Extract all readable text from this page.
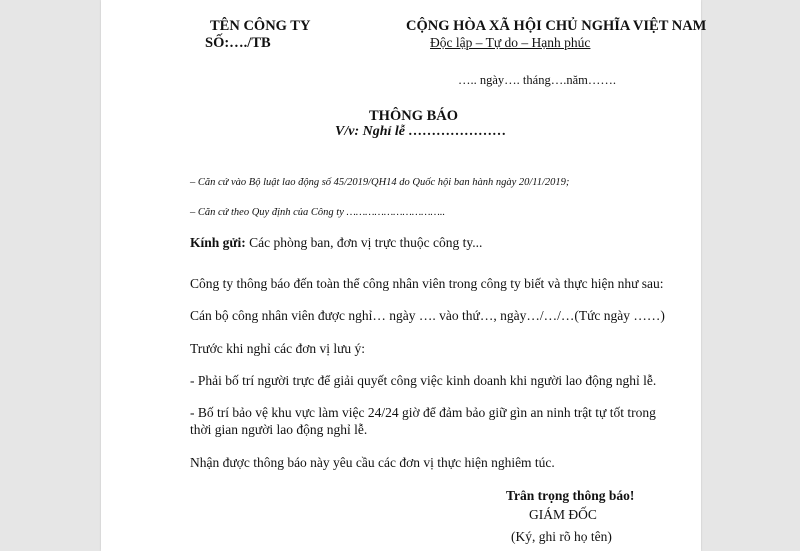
TÊN CÔNG TY
SỐ:…./TB
CỘNG HÒA XÃ HỘI CHỦ NGHĨA VIỆT NAM
Độc lập – Tự do – Hạnh phúc
….. ngày…. tháng….năm…….
THÔNG BÁO
V/v: Nghỉ lễ …………………
– Căn cứ vào Bộ luật lao động số 45/2019/QH14 do Quốc hội ban hành ngày 20/11/2019;
– Căn cứ theo Quy định của Công ty …………………………..
Kính gửi: Các phòng ban, đơn vị trực thuộc công ty...
Công ty thông báo đến toàn thể công nhân viên trong công ty biết và thực hiện như sau:
Cán bộ công nhân viên được nghỉ… ngày …. vào thứ…, ngày…/…/…(Tức ngày ……)
Trước khi nghỉ các đơn vị lưu ý:
- Phải bố trí người trực để giải quyết công việc kinh doanh khi người lao động nghỉ lễ.
- Bố trí bảo vệ khu vực làm việc 24/24 giờ để đảm bảo giữ gìn an ninh trật tự tốt trong
thời gian người lao động nghỉ lễ.
Nhận được thông báo này yêu cầu các đơn vị thực hiện nghiêm túc.
Trân trọng thông báo!
GIÁM ĐỐC
(Ký, ghi rõ họ tên)
